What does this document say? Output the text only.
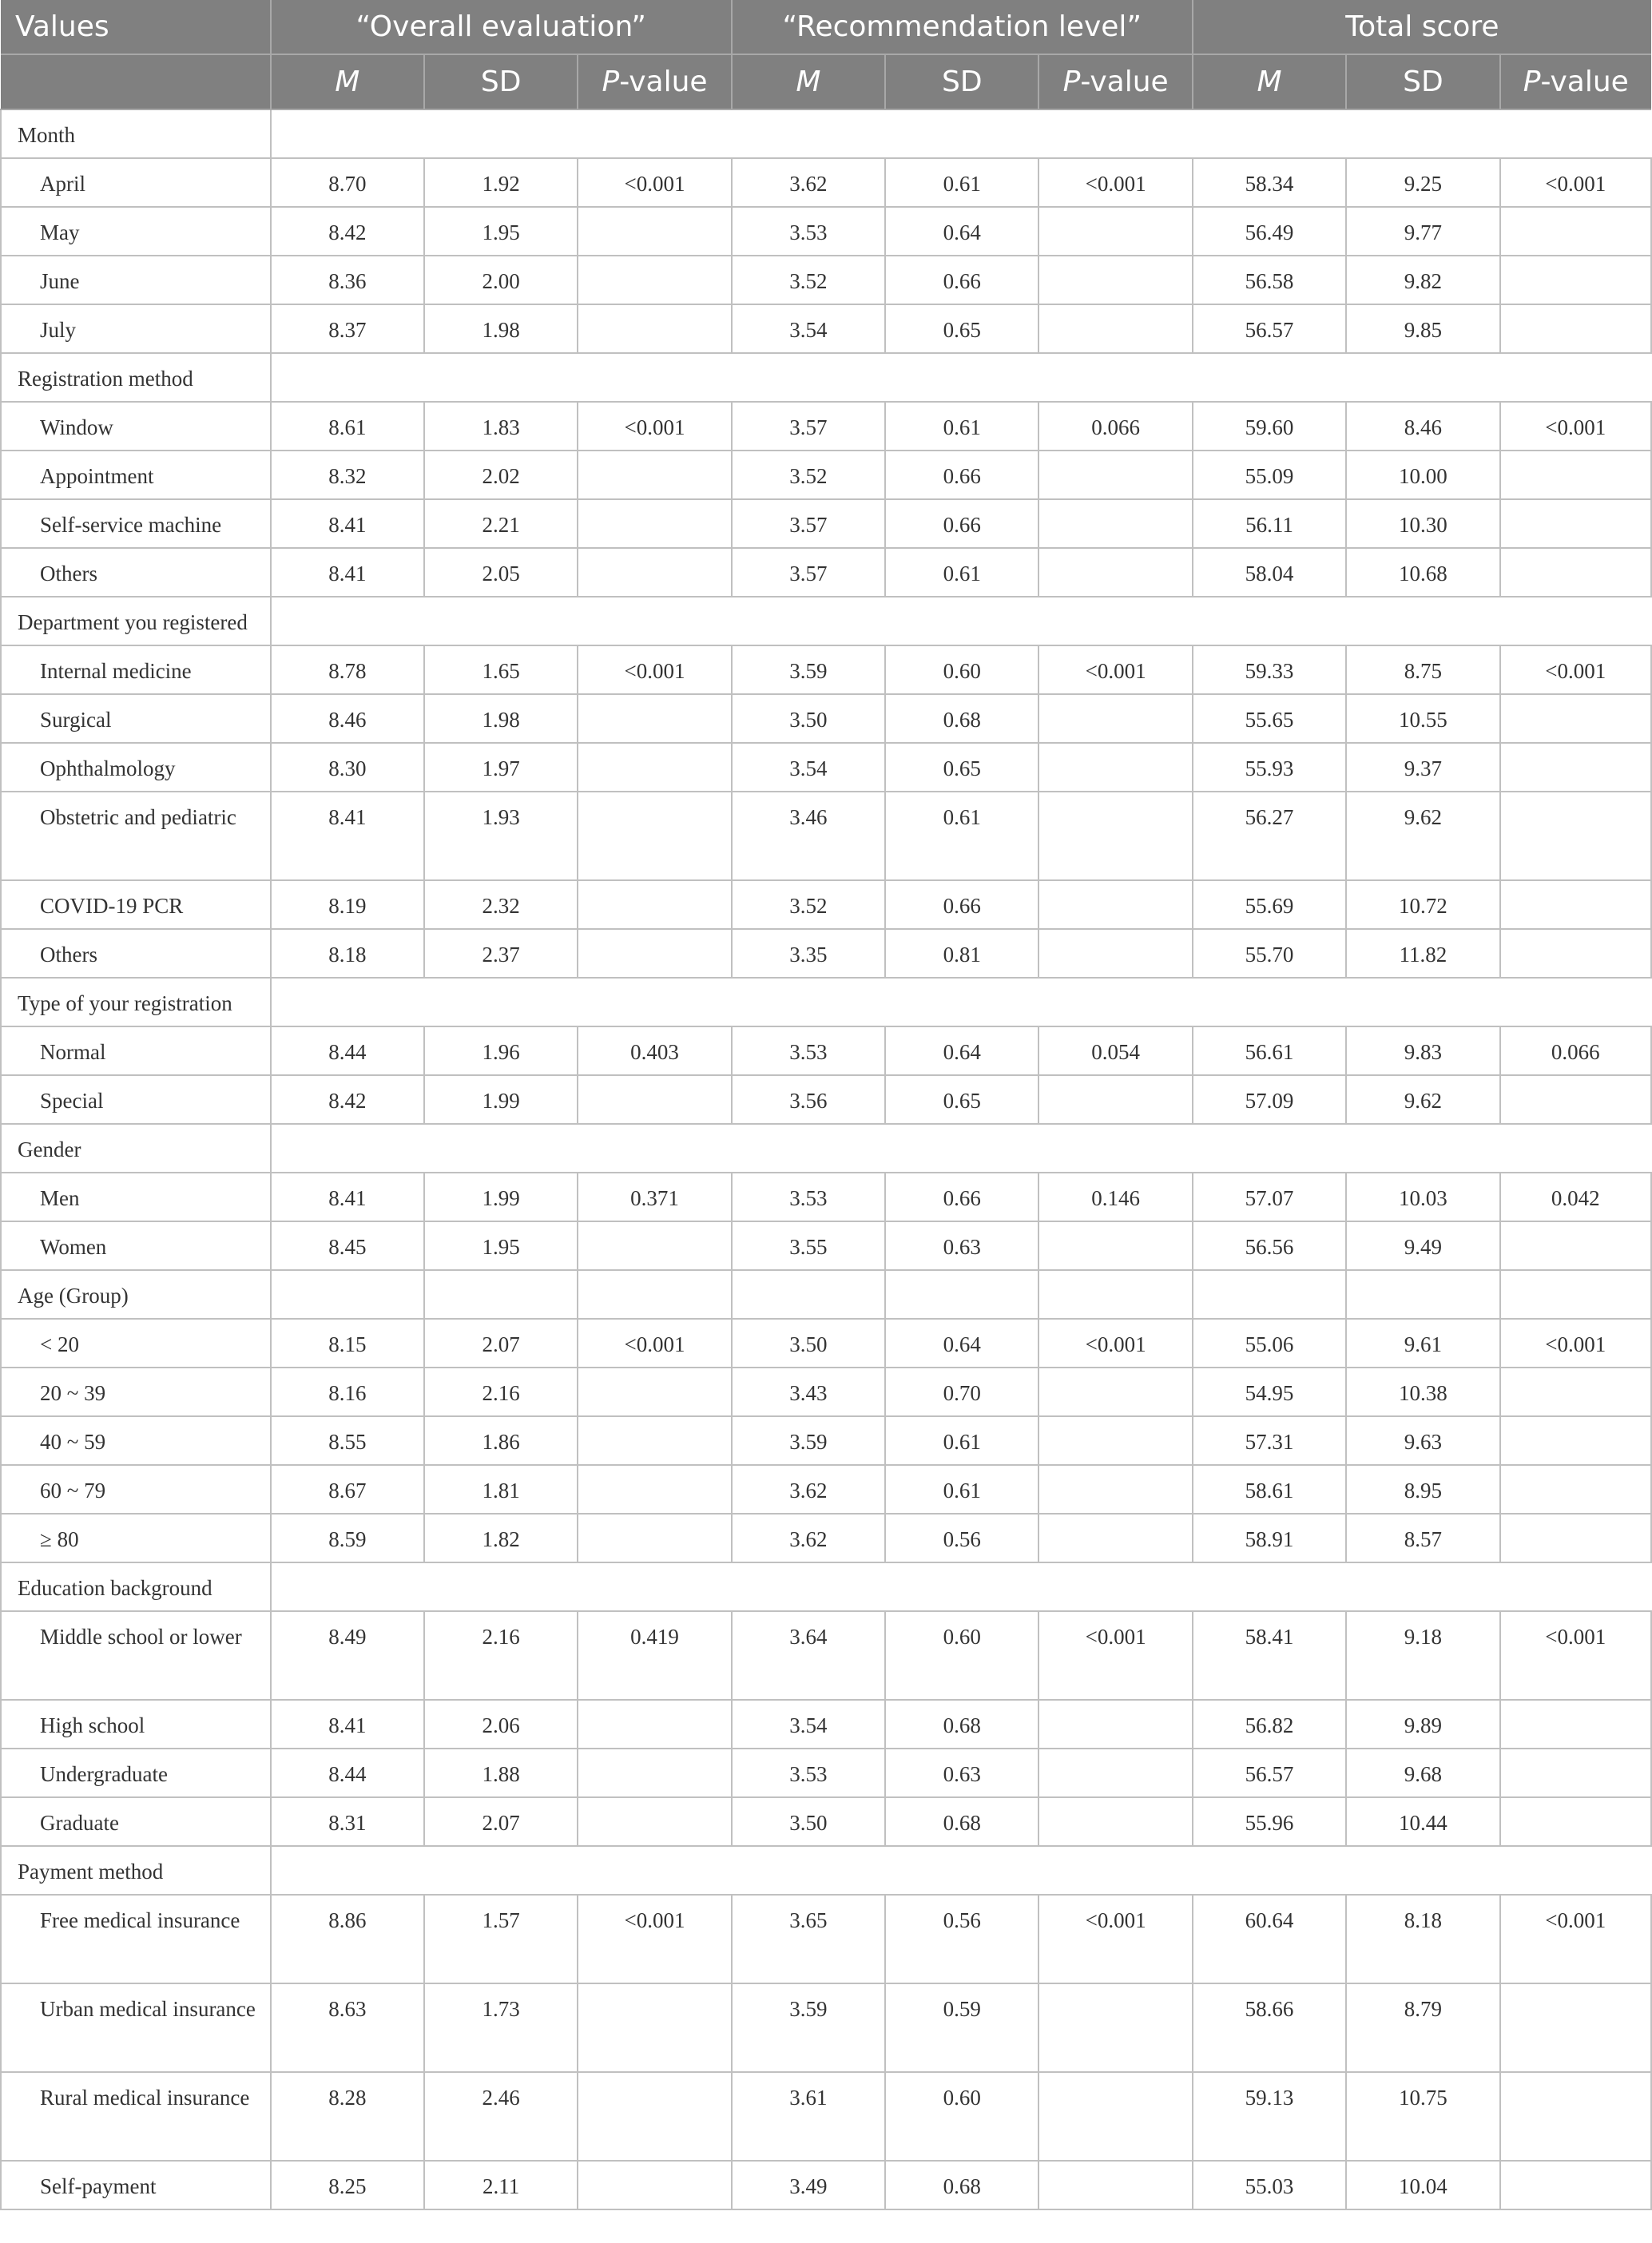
Values	“Overall evaluation”			“Recommendation level”			Total score		
	M	SD	P-value	M	SD	P-value	M	SD	P-value
Month									
April	8.70	1.92	<0.001	3.62	0.61	<0.001	58.34	9.25	<0.001
May	8.42	1.95		3.53	0.64		56.49	9.77	
June	8.36	2.00		3.52	0.66		56.58	9.82	
July	8.37	1.98		3.54	0.65		56.57	9.85	
Registration method									
Window	8.61	1.83	<0.001	3.57	0.61	0.066	59.60	8.46	<0.001
Appointment	8.32	2.02		3.52	0.66		55.09	10.00	
Self-service machine	8.41	2.21		3.57	0.66		56.11	10.30	
Others	8.41	2.05		3.57	0.61		58.04	10.68	
Department you registered									
Internal medicine	8.78	1.65	<0.001	3.59	0.60	<0.001	59.33	8.75	<0.001
Surgical	8.46	1.98		3.50	0.68		55.65	10.55	
Ophthalmology	8.30	1.97		3.54	0.65		55.93	9.37	
Obstetric and pediatric	8.41	1.93		3.46	0.61		56.27	9.62	
COVID-19 PCR	8.19	2.32		3.52	0.66		55.69	10.72	
Others	8.18	2.37		3.35	0.81		55.70	11.82	
Type of your registration									
Normal	8.44	1.96	0.403	3.53	0.64	0.054	56.61	9.83	0.066
Special	8.42	1.99		3.56	0.65		57.09	9.62	
Gender									
Men	8.41	1.99	0.371	3.53	0.66	0.146	57.07	10.03	0.042
Women	8.45	1.95		3.55	0.63		56.56	9.49	
Age (Group)									
< 20	8.15	2.07	<0.001	3.50	0.64	<0.001	55.06	9.61	<0.001
20 ~ 39	8.16	2.16		3.43	0.70		54.95	10.38	
40 ~ 59	8.55	1.86		3.59	0.61		57.31	9.63	
60 ~ 79	8.67	1.81		3.62	0.61		58.61	8.95	
≥ 80	8.59	1.82		3.62	0.56		58.91	8.57	
Education background									
Middle school or lower	8.49	2.16	0.419	3.64	0.60	<0.001	58.41	9.18	<0.001
High school	8.41	2.06		3.54	0.68		56.82	9.89	
Undergraduate	8.44	1.88		3.53	0.63		56.57	9.68	
Graduate	8.31	2.07		3.50	0.68		55.96	10.44	
Payment method									
Free medical insurance	8.86	1.57	<0.001	3.65	0.56	<0.001	60.64	8.18	<0.001
Urban medical insurance	8.63	1.73		3.59	0.59		58.66	8.79	
Rural medical insurance	8.28	2.46		3.61	0.60		59.13	10.75	
Self-payment	8.25	2.11		3.49	0.68		55.03	10.04	
